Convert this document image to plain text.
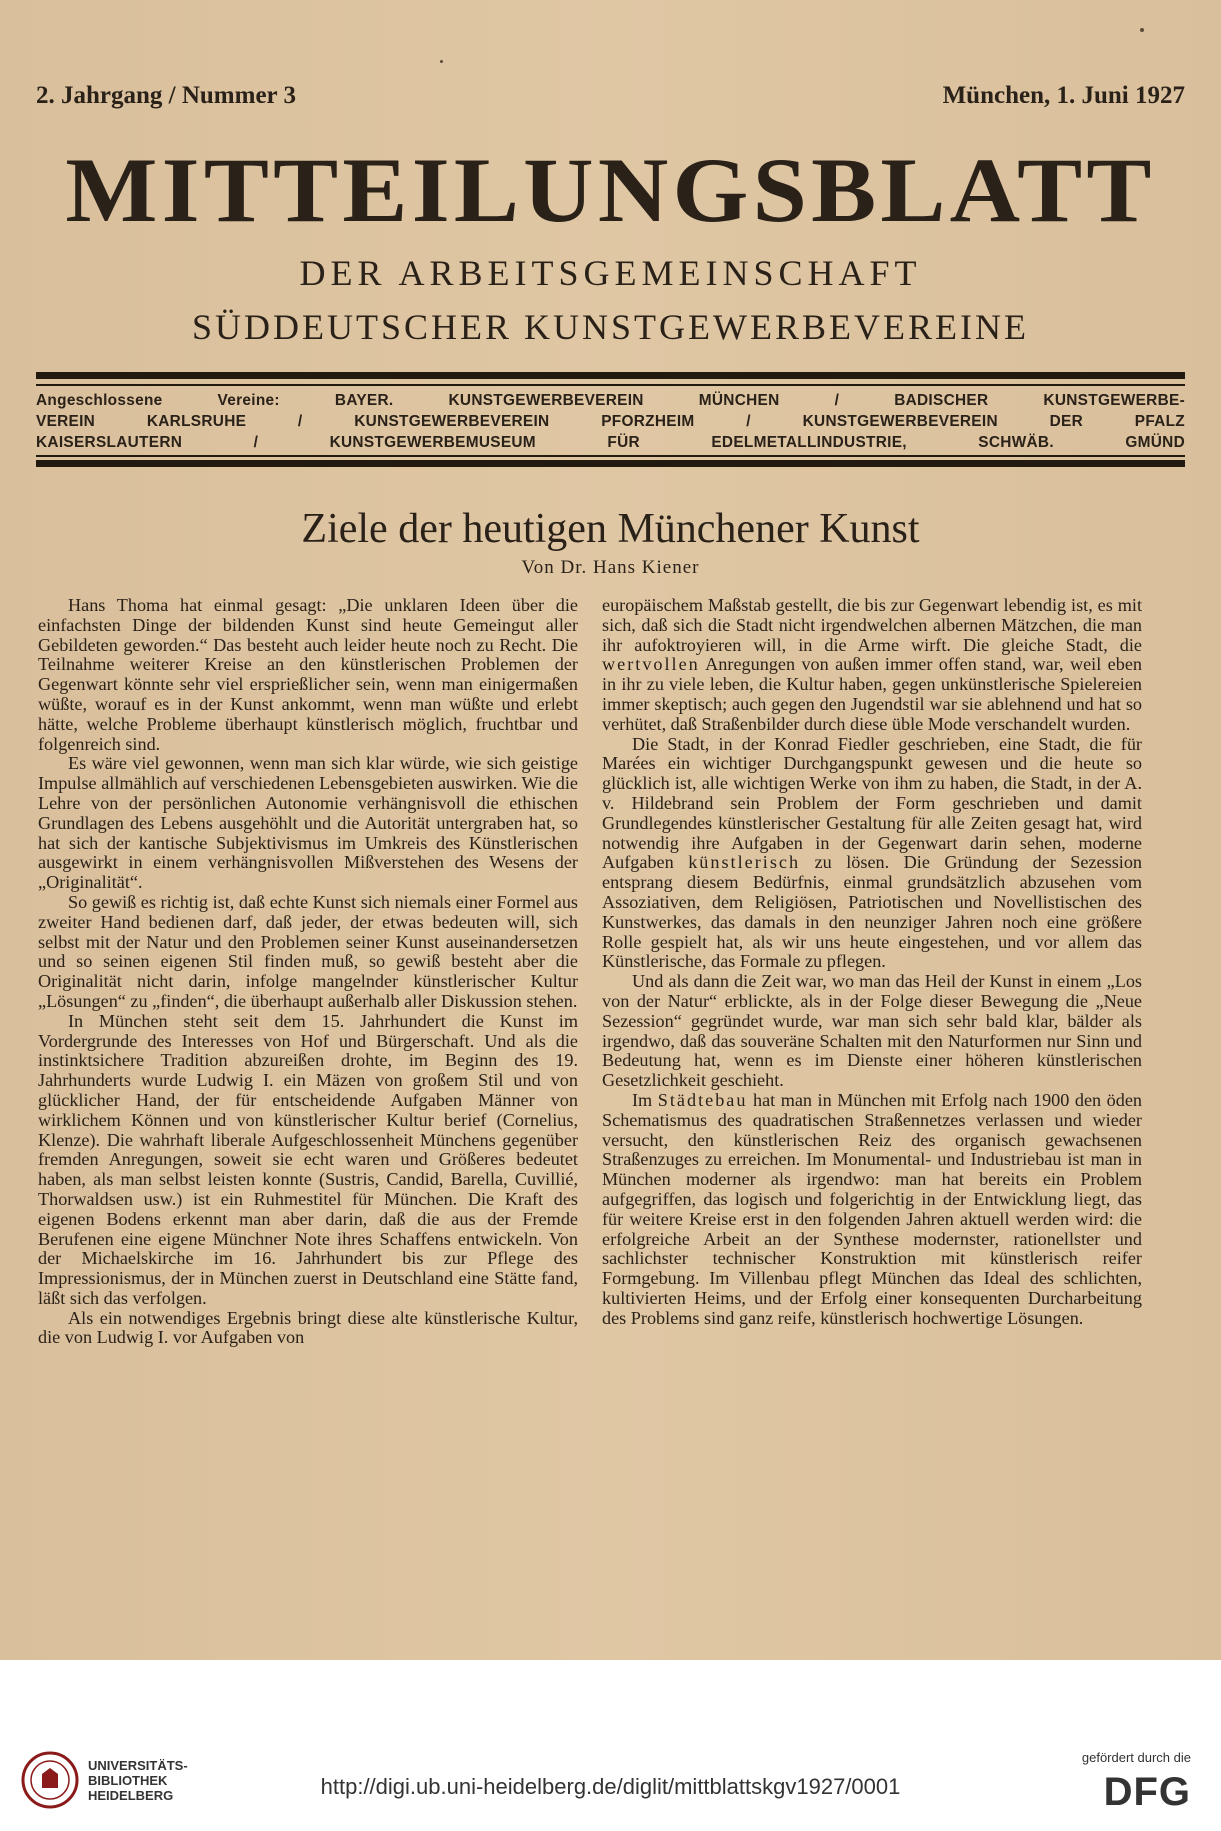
2. Jahrgang / Nummer 3	München, 1. Juni 1927
MITTEILUNGSBLATT
DER ARBEITSGEMEINSCHAFT
SÜDDEUTSCHER KUNSTGEWERBEVEREINE
Angeschlossene Vereine:	BAYER. KUNSTGEWERBEVEREIN MÜNCHEN / BADISCHER KUNSTGEWERBE-
VEREIN KARLSRUHE / KUNSTGEWERBEVEREIN PFORZHEIM / KUNSTGEWERBEVEREIN DER PFALZ
KAISERSLAUTERN / KUNSTGEWERBEMUSEUM FÜR EDELMETALLINDUSTRIE, SCHWÄB. GMÜND
Ziele der heutigen Münchener Kunst
Von Dr. Hans Kiener

Hans Thoma hat einmal gesagt: „Die unklaren Ideen über die einfachsten Dinge der bildenden Kunst sind heute Gemeingut aller Gebildeten geworden.“ Das besteht auch leider heute noch zu Recht. Die Teilnahme weiterer Kreise an den künstlerischen Problemen der Gegenwart könnte sehr viel ersprießlicher sein, wenn man einigermaßen wüßte, worauf es in der Kunst ankommt, wenn man wüßte und erlebt hätte, welche Probleme überhaupt künstlerisch möglich, fruchtbar und folgenreich sind.

Es wäre viel gewonnen, wenn man sich klar würde, wie sich geistige Impulse allmählich auf verschiedenen Lebensgebieten auswirken. Wie die Lehre von der persönlichen Autonomie verhängnisvoll die ethischen Grundlagen des Lebens ausgehöhlt und die Autorität untergraben hat, so hat sich der kantische Subjektivismus im Umkreis des Künstlerischen ausgewirkt in einem verhängnisvollen Mißverstehen des Wesens der „Originalität“.

So gewiß es richtig ist, daß echte Kunst sich niemals einer Formel aus zweiter Hand bedienen darf, daß jeder, der etwas bedeuten will, sich selbst mit der Natur und den Problemen seiner Kunst auseinandersetzen und so seinen eigenen Stil finden muß, so gewiß besteht aber die Originalität nicht darin, infolge mangelnder künstlerischer Kultur „Lösungen“ zu „finden“, die überhaupt außerhalb aller Diskussion stehen.

In München steht seit dem 15. Jahrhundert die Kunst im Vordergrunde des Interesses von Hof und Bürgerschaft. Und als die instinktsichere Tradition abzureißen drohte, im Beginn des 19. Jahrhunderts wurde Ludwig I. ein Mäzen von großem Stil und von glücklicher Hand, der für entscheidende Aufgaben Männer von wirklichem Können und von künstlerischer Kultur berief (Cornelius, Klenze). Die wahrhaft liberale Aufgeschlossenheit Münchens gegenüber fremden Anregungen, soweit sie echt waren und Größeres bedeutet haben, als man selbst leisten konnte (Sustris, Candid, Barella, Cuvillié, Thorwaldsen usw.) ist ein Ruhmestitel für München. Die Kraft des eigenen Bodens erkennt man aber darin, daß die aus der Fremde Berufenen eine eigene Münchner Note ihres Schaffens entwickeln. Von der Michaelskirche im 16. Jahrhundert bis zur Pflege des Impressionismus, der in München zuerst in Deutschland eine Stätte fand, läßt sich das verfolgen.

Als ein notwendiges Ergebnis bringt diese alte künstlerische Kultur, die von Ludwig I. vor Aufgaben von

europäischem Maßstab gestellt, die bis zur Gegenwart lebendig ist, es mit sich, daß sich die Stadt nicht irgendwelchen albernen Mätzchen, die man ihr aufoktroyieren will, in die Arme wirft. Die gleiche Stadt, die wertvollen Anregungen von außen immer offen stand, war, weil eben in ihr zu viele leben, die Kultur haben, gegen unkünstlerische Spielereien immer skeptisch; auch gegen den Jugendstil war sie ablehnend und hat so verhütet, daß Straßenbilder durch diese üble Mode verschandelt wurden.

Die Stadt, in der Konrad Fiedler geschrieben, eine Stadt, die für Marées ein wichtiger Durchgangspunkt gewesen und die heute so glücklich ist, alle wichtigen Werke von ihm zu haben, die Stadt, in der A. v. Hildebrand sein Problem der Form geschrieben und damit Grundlegendes künstlerischer Gestaltung für alle Zeiten gesagt hat, wird notwendig ihre Aufgaben in der Gegenwart darin sehen, moderne Aufgaben künstlerisch zu lösen. Die Gründung der Sezession entsprang diesem Bedürfnis, einmal grundsätzlich abzusehen vom Assoziativen, dem Religiösen, Patriotischen und Novellistischen des Kunstwerkes, das damals in den neunziger Jahren noch eine größere Rolle gespielt hat, als wir uns heute eingestehen, und vor allem das Künstlerische, das Formale zu pflegen.

Und als dann die Zeit war, wo man das Heil der Kunst in einem „Los von der Natur“ erblickte, als in der Folge dieser Bewegung die „Neue Sezession“ gegründet wurde, war man sich sehr bald klar, bälder als irgendwo, daß das souveräne Schalten mit den Naturformen nur Sinn und Bedeutung hat, wenn es im Dienste einer höheren künstlerischen Gesetzlichkeit geschieht.

Im Städtebau hat man in München mit Erfolg nach 1900 den öden Schematismus des quadratischen Straßennetzes verlassen und wieder versucht, den künstlerischen Reiz des organisch gewachsenen Straßenzuges zu erreichen. Im Monumental- und Industriebau ist man in München moderner als irgendwo: man hat bereits ein Problem aufgegriffen, das logisch und folgerichtig in der Entwicklung liegt, das für weitere Kreise erst in den folgenden Jahren aktuell werden wird: die erfolgreiche Arbeit an der Synthese modernster, rationellster und sachlichster technischer Konstruktion mit künstlerisch reifer Formgebung. Im Villenbau pflegt München das Ideal des schlichten, kultivierten Heims, und der Erfolg einer konsequenten Durcharbeitung des Problems sind ganz reife, künstlerisch hochwertige Lösungen.

UNIVERSITÄTS-
BIBLIOTHEK
HEIDELBERG	http://digi.ub.uni-heidelberg.de/diglit/mittblattskgv1927/0001
gefördert durch die
DFG
